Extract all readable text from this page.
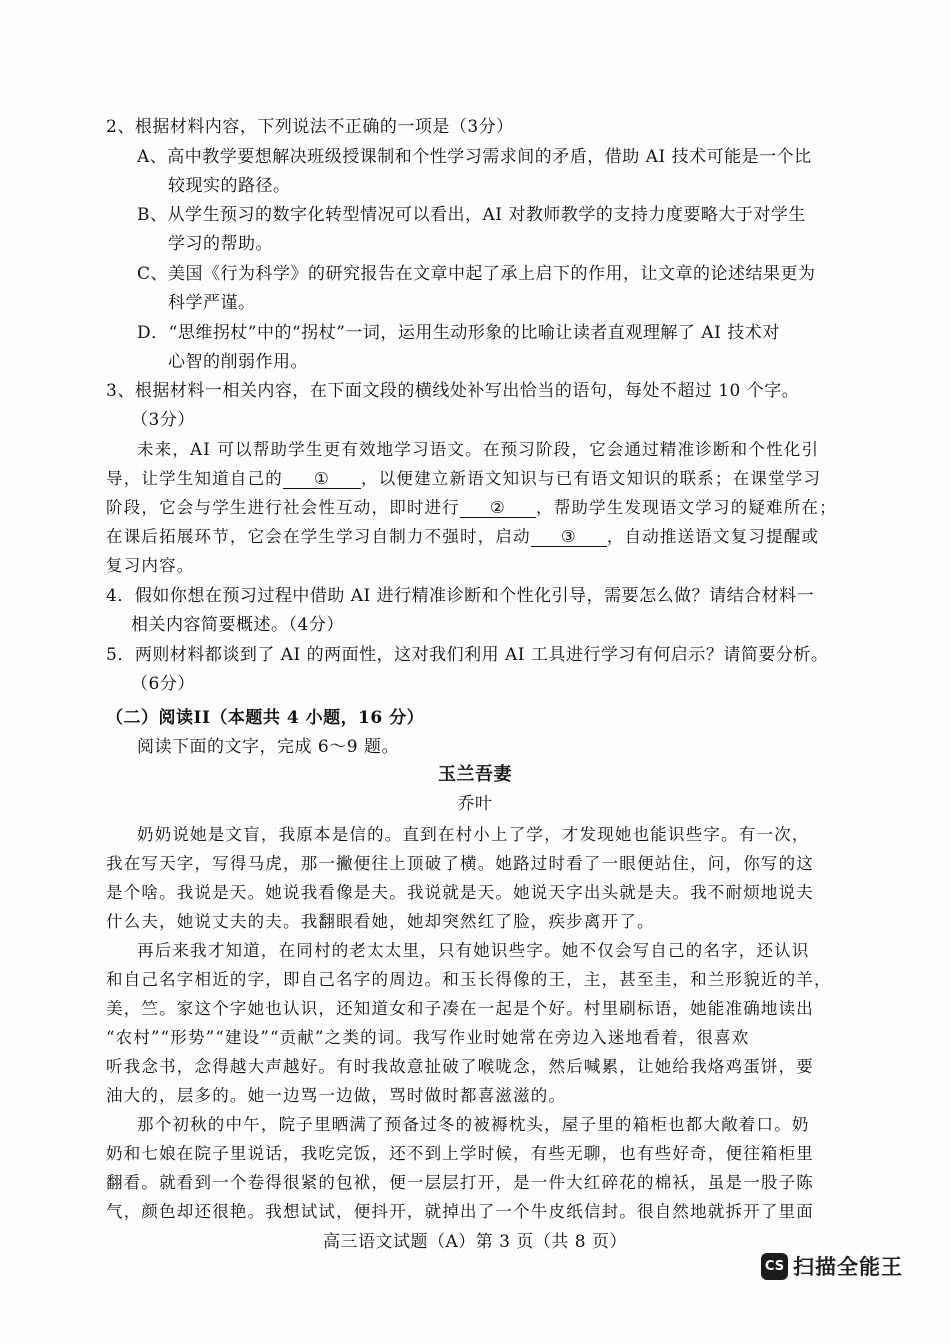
2、根据材料内容，下列说法不正确的一项是（3分）
A、高中教学要想解决班级授课制和个性学习需求间的矛盾，借助 AI 技术可能是一个比
较现实的路径。
B、从学生预习的数字化转型情况可以看出，AI 对教师教学的支持力度要略大于对学生
学习的帮助。
C、美国《行为科学》的研究报告在文章中起了承上启下的作用，让文章的论述结果更为
科学严谨。
D．“思维拐杖”中的“拐杖”一词，运用生动形象的比喻让读者直观理解了 AI 技术对
心智的削弱作用。
3、根据材料一相关内容，在下面文段的横线处补写出恰当的语句，每处不超过 10 个字。
（3分）
未来，AI 可以帮助学生更有效地学习语文。在预习阶段，它会通过精准诊断和个性化引
导，让学生知道自己的 ① ，以便建立新语文知识与已有语文知识的联系；在课堂学习
阶段，它会与学生进行社会性互动，即时进行 ② ，帮助学生发现语文学习的疑难所在；
在课后拓展环节，它会在学生学习自制力不强时，启动 ③ ，自动推送语文复习提醒或
复习内容。
4．假如你想在预习过程中借助 AI 进行精准诊断和个性化引导，需要怎么做？请结合材料一
相关内容简要概述。（4分）
5．两则材料都谈到了 AI 的两面性，这对我们利用 AI 工具进行学习有何启示？请简要分析。
（6分）
（二）阅读II（本题共 4 小题，16 分）
阅读下面的文字，完成 6～9 题。
玉兰吾妻
乔叶
奶奶说她是文盲，我原本是信的。直到在村小上了学，才发现她也能识些字。有一次，
我在写天字，写得马虎，那一撇便往上顶破了横。她路过时看了一眼便站住，问，你写的这
是个啥。我说是天。她说我看像是夫。我说就是天。她说天字出头就是夫。我不耐烦地说夫
什么夫，她说丈夫的夫。我翻眼看她，她却突然红了脸，疾步离开了。
再后来我才知道，在同村的老太太里，只有她识些字。她不仅会写自己的名字，还认识
和自己名字相近的字，即自己名字的周边。和玉长得像的王，主，甚至圭，和兰形貌近的羊，
美，竺。家这个字她也认识，还知道女和子凑在一起是个好。村里刷标语，她能准确地读出
“农村”“形势”“建设”“贡献”之类的词。我写作业时她常在旁边入迷地看着，很喜欢
听我念书，念得越大声越好。有时我故意扯破了喉咙念，然后喊累，让她给我烙鸡蛋饼，要
油大的，层多的。她一边骂一边做，骂时做时都喜滋滋的。
那个初秋的中午，院子里晒满了预备过冬的被褥枕头，屋子里的箱柜也都大敞着口。奶
奶和七娘在院子里说话，我吃完饭，还不到上学时候，有些无聊，也有些好奇，便往箱柜里
翻看。就看到一个卷得很紧的包袱，便一层层打开，是一件大红碎花的棉袄，虽是一股子陈
气，颜色却还很艳。我想试试，便抖开，就掉出了一个牛皮纸信封。很自然地就拆开了里面
高三语文试题（A）第 3 页（共 8 页）
CS 扫描全能王
